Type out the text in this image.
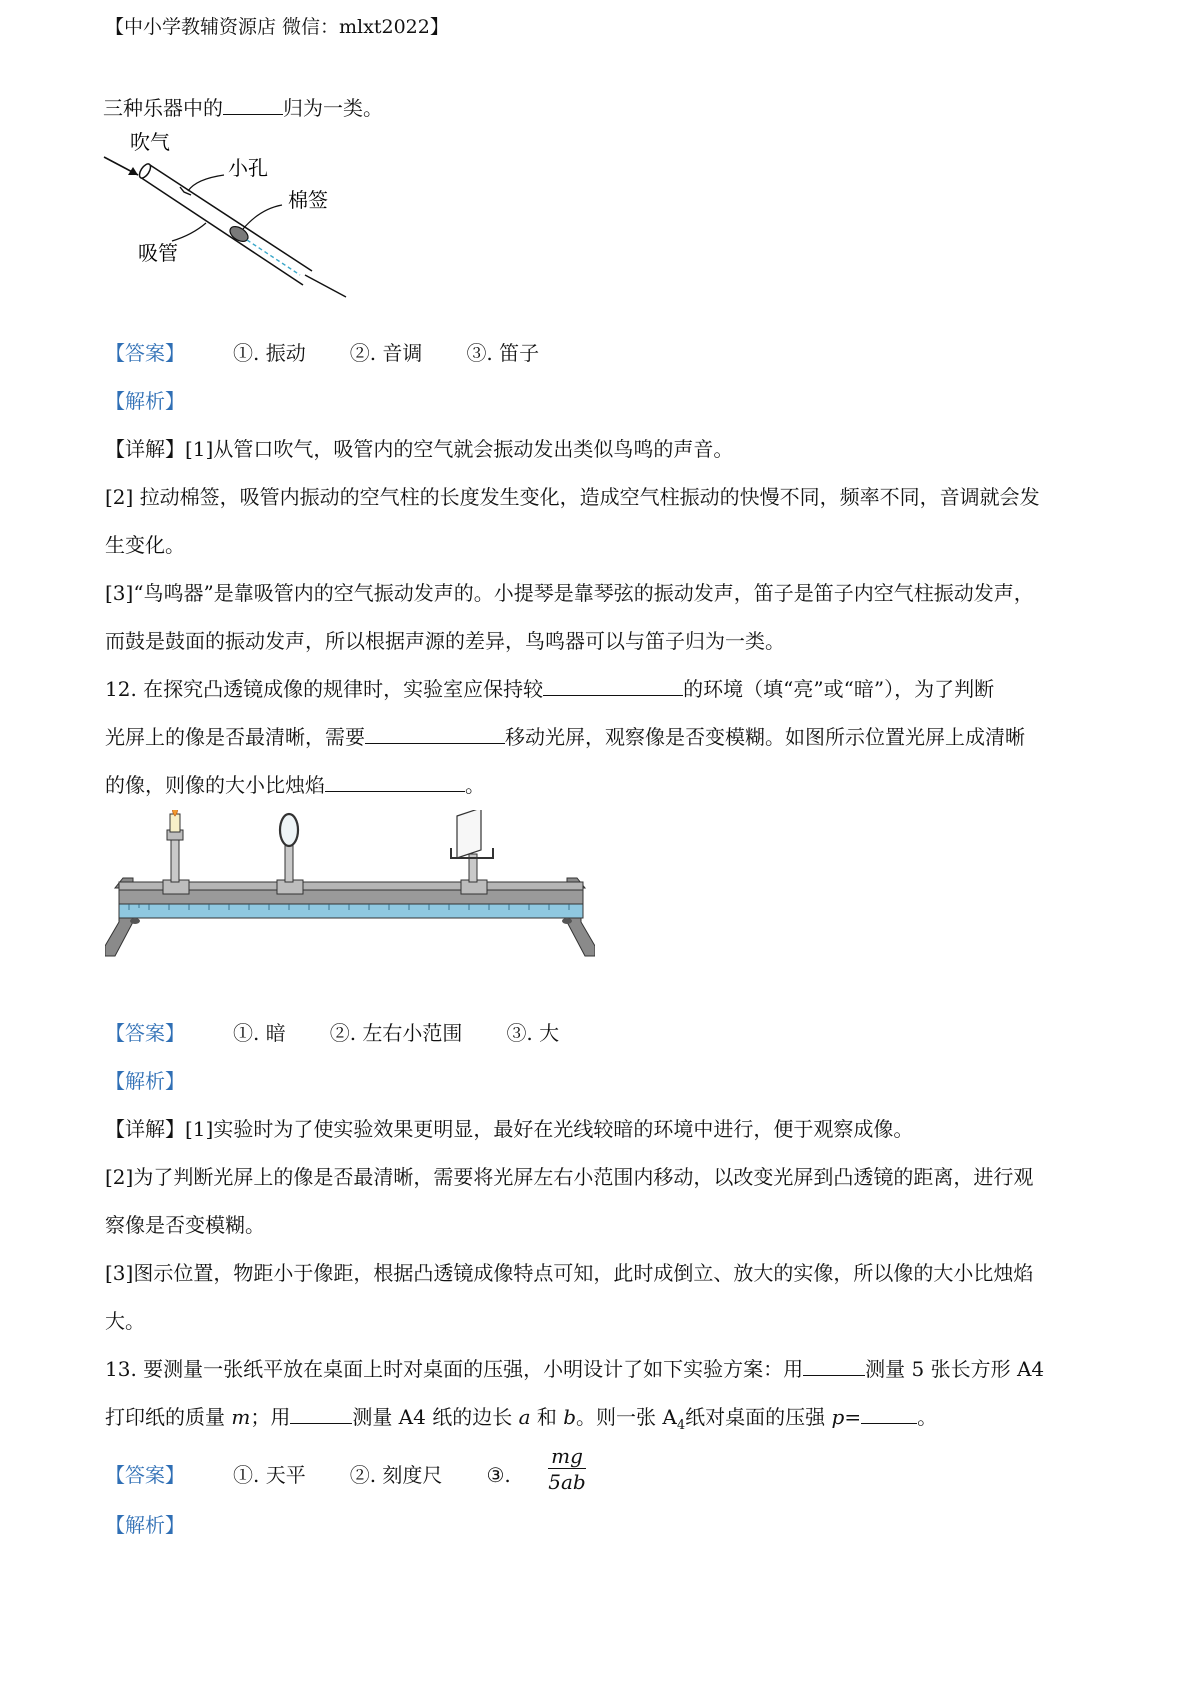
【中小学教辅资源店 微信：mlxt2022】
三种乐器中的	归为一类。
吹气
小孔
棉签
吸管
【答案】 ①. 振动 ②. 音调 ③. 笛子
【解析】
【详解】[1]从管口吹气，吸管内的空气就会振动发出类似鸟鸣的声音。
[2] 拉动棉签，吸管内振动的空气柱的长度发生变化，造成空气柱振动的快慢不同，频率不同，音调就会发
生变化。
[3]“鸟鸣器”是靠吸管内的空气振动发声的。小提琴是靠琴弦的振动发声，笛子是笛子内空气柱振动发声，
而鼓是鼓面的振动发声，所以根据声源的差异，鸟鸣器可以与笛子归为一类。
12. 在探究凸透镜成像的规律时，实验室应保持较	的环境（填“亮”或“暗”），为了判断
光屏上的像是否最清晰，需要	移动光屏，观察像是否变模糊。如图所示位置光屏上成清晰
的像，则像的大小比烛焰	。
【答案】 ①. 暗 ②. 左右小范围 ③. 大
【解析】
【详解】[1]实验时为了使实验效果更明显，最好在光线较暗的环境中进行，便于观察成像。
[2]为了判断光屏上的像是否最清晰，需要将光屏左右小范围内移动，以改变光屏到凸透镜的距离，进行观
察像是否变模糊。
[3]图示位置，物距小于像距，根据凸透镜成像特点可知，此时成倒立、放大的实像，所以像的大小比烛焰
大。
13. 要测量一张纸平放在桌面上时对桌面的压强，小明设计了如下实验方案：用	测量 5 张长方形 A4
打印纸的质量 m；用	测量 A4 纸的边长 a 和 b。则一张 $A_4$纸对桌面的压强 p=	。
【答案】 ①. 天平 ②. 刻度尺 ③. $\frac{mg}{5ab}$
【解析】
